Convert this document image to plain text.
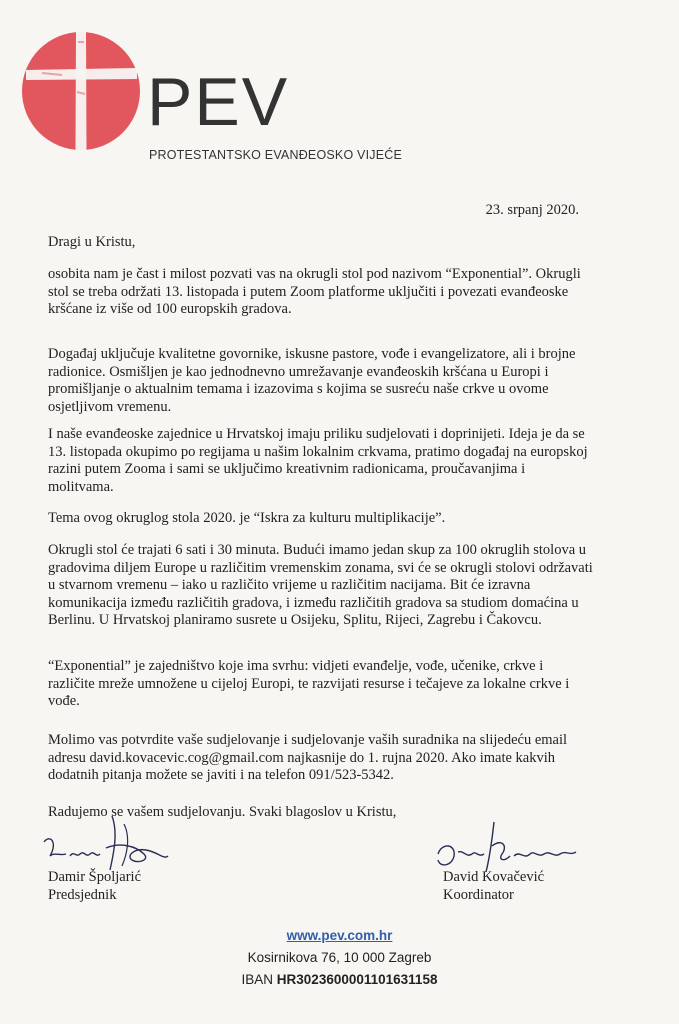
PEV
PROTESTANTSKO EVANĐEOSKO VIJEĆE
23. srpanj 2020.
Dragi u Kristu,

osobita nam je čast i milost pozvati vas na okrugli stol pod nazivom “Exponential”. Okrugli stol se treba održati 13. listopada i putem Zoom platforme uključiti i povezati evanđeoske kršćane iz više od 100 europskih gradova.

Događaj uključuje kvalitetne govornike, iskusne pastore, vođe i evangelizatore, ali i brojne radionice. Osmišljen je kao jednodnevno umrežavanje evanđeoskih kršćana u Europi i promišljanje o aktualnim temama i izazovima s kojima se susreću naše crkve u ovome osjetljivom vremenu.

I naše evanđeoske zajednice u Hrvatskoj imaju priliku sudjelovati i doprinijeti. Ideja je da se 13. listopada okupimo po regijama u našim lokalnim crkvama, pratimo događaj na europskoj razini putem Zooma i sami se uključimo kreativnim radionicama, proučavanjima i molitvama.

Tema ovog okruglog stola 2020. je “Iskra za kulturu multiplikacije”.

Okrugli stol će trajati 6 sati i 30 minuta. Budući imamo jedan skup za 100 okruglih stolova u gradovima diljem Europe u različitim vremenskim zonama, svi će se okrugli stolovi održavati u stvarnom vremenu – iako u različito vrijeme u različitim nacijama. Bit će izravna komunikacija između različitih gradova, i između različitih gradova sa studiom domaćina u Berlinu. U Hrvatskoj planiramo susrete u Osijeku, Splitu, Rijeci, Zagrebu i Čakovcu.

“Exponential” je zajedništvo koje ima svrhu: vidjeti evanđelje, vođe, učenike, crkve i različite mreže umnožene u cijeloj Europi, te razvijati resurse i tečajeve za lokalne crkve i vođe.

Molimo vas potvrdite vaše sudjelovanje i sudjelovanje vaših suradnika na slijedeću email adresu david.kovacevic.cog@gmail.com najkasnije do 1. rujna 2020. Ako imate kakvih dodatnih pitanja možete se javiti i na telefon 091/523-5342.

Radujemo se vašem sudjelovanju. Svaki blagoslov u Kristu,
Damir Špoljarić
Predsjednik
David Kovačević
Koordinator
www.pev.com.hr
Kosirnikova 76, 10 000 Zagreb
IBAN HR3023600001101631158
